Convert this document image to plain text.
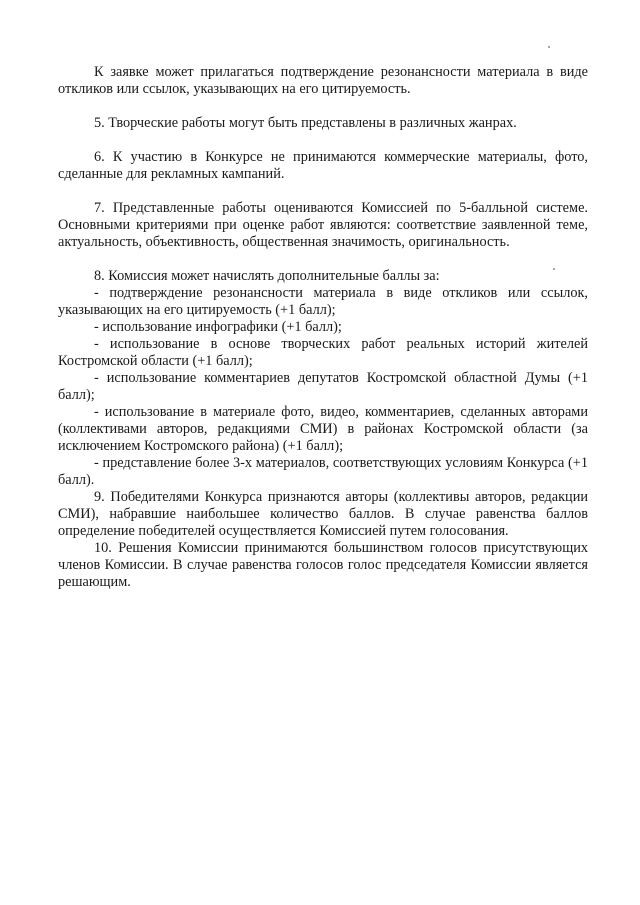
К заявке может прилагаться подтверждение резонансности материала в виде откликов или ссылок, указывающих на его цитируемость.

5. Творческие работы могут быть представлены в различных жанрах.

6. К участию в Конкурсе не принимаются коммерческие материалы, фото, сделанные для рекламных кампаний.

7. Представленные работы оцениваются Комиссией по 5-балльной системе. Основными критериями при оценке работ являются: соответствие заявленной теме, актуальность, объективность, общественная значимость, оригинальность.

8. Комиссия может начислять дополнительные баллы за:

- подтверждение резонансности материала в виде откликов или ссылок, указывающих на его цитируемость (+1 балл);

- использование инфографики (+1 балл);

- использование в основе творческих работ реальных историй жителей Костромской области (+1 балл);

- использование комментариев депутатов Костромской областной Думы (+1 балл);

- использование в материале фото, видео, комментариев, сделанных авторами (коллективами авторов, редакциями СМИ) в районах Костромской области (за исключением Костромского района) (+1 балл);

- представление более 3-х материалов, соответствующих условиям Конкурса (+1 балл).

9. Победителями Конкурса признаются авторы (коллективы авторов, редакции СМИ), набравшие наибольшее количество баллов. В случае равенства баллов определение победителей осуществляется Комиссией путем голосования.

10. Решения Комиссии принимаются большинством голосов присутствующих членов Комиссии. В случае равенства голосов голос председателя Комиссии является решающим.
